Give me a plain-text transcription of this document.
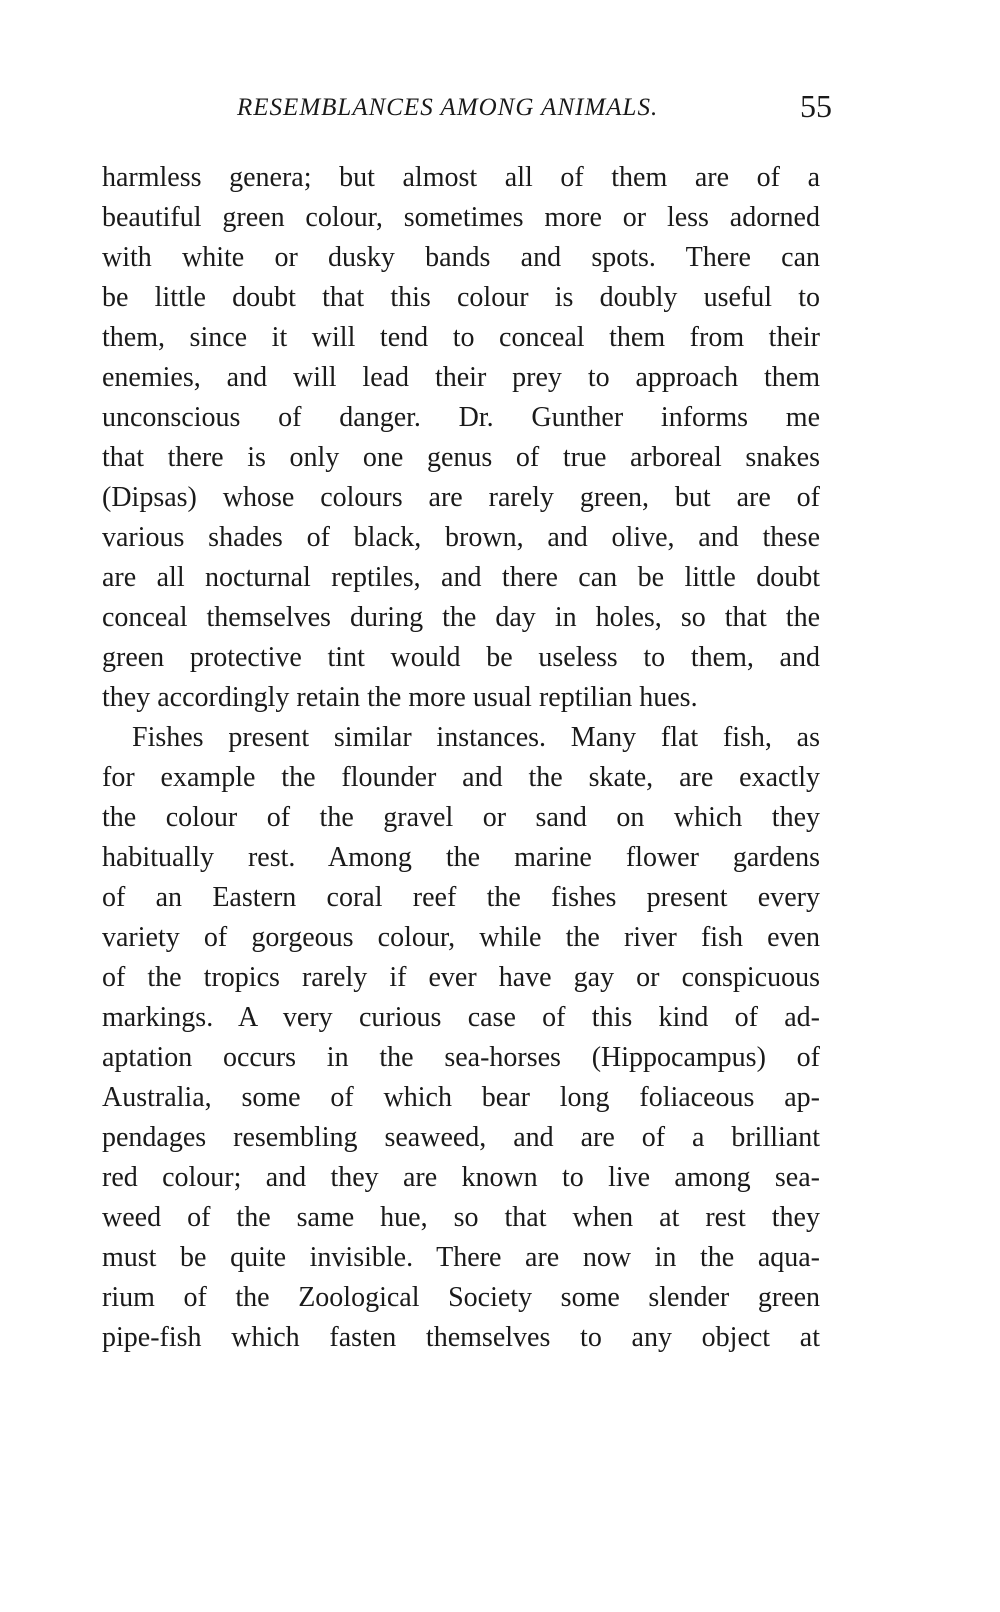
RESEMBLANCES AMONG ANIMALS.	55
harmless genera; but almost all of them are of a
beautiful green colour, sometimes more or less adorned
with white or dusky bands and spots. There can
be little doubt that this colour is doubly useful to
them, since it will tend to conceal them from their
enemies, and will lead their prey to approach them
unconscious of danger. Dr. Gunther informs me
that there is only one genus of true arboreal snakes
(Dipsas) whose colours are rarely green, but are of
various shades of black, brown, and olive, and these
are all nocturnal reptiles, and there can be little doubt
conceal themselves during the day in holes, so that the
green protective tint would be useless to them, and
they accordingly retain the more usual reptilian hues.
Fishes present similar instances. Many flat fish, as
for example the flounder and the skate, are exactly
the colour of the gravel or sand on which they
habitually rest. Among the marine flower gardens
of an Eastern coral reef the fishes present every
variety of gorgeous colour, while the river fish even
of the tropics rarely if ever have gay or conspicuous
markings. A very curious case of this kind of ad-
aptation occurs in the sea-horses (Hippocampus) of
Australia, some of which bear long foliaceous ap-
pendages resembling seaweed, and are of a brilliant
red colour; and they are known to live among sea-
weed of the same hue, so that when at rest they
must be quite invisible. There are now in the aqua-
rium of the Zoological Society some slender green
pipe-fish which fasten themselves to any object at
